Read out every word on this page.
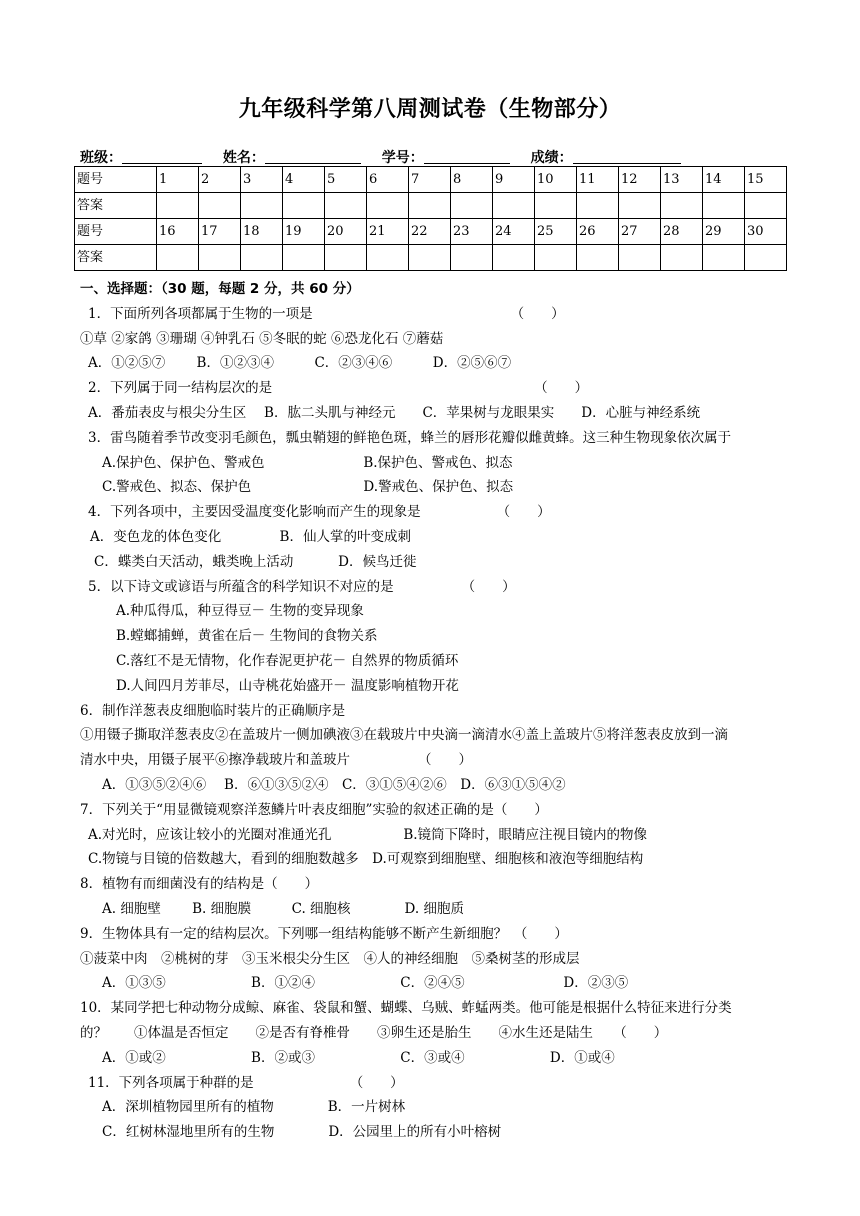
九年级科学第八周测试卷（生物部分）
班级：	姓名：	学号：	成绩：
题号	1	2	3	4	5	6	7	8	9	10	11	12	13	14	15
答案															
题号	16	17	18	19	20	21	22	23	24	25	26	27	28	29	30
答案															
一、选择题：（30 题，每题 2 分，共 60 分）
1．下面所列各项都属于生物的一项是	（　　）
①草 ②家鸽 ③珊瑚 ④钟乳石 ⑤冬眠的蛇 ⑥恐龙化石 ⑦蘑菇
A．①②⑤⑦　　 B．①②③④　　　C．②③④⑥　　　D．②⑤⑥⑦
2．下列属于同一结构层次的是	（　　）
A．番茄表皮与根尖分生区　 B．肱二头肌与神经元　　C．苹果树与龙眼果实　　D．心脏与神经系统
3．雷鸟随着季节改变羽毛颜色，瓢虫鞘翅的鲜艳色斑，蜂兰的唇形花瓣似雌黄蜂。这三种生物现象依次属于
A.保护色、保护色、警戒色　　　　　　　 B.保护色、警戒色、拟态
C.警戒色、拟态、保护色　　　　　　　　 D.警戒色、保护色、拟态
4．下列各项中，主要因受温度变化影响而产生的现象是	（　　）
A．变色龙的体色变化　　　　 B．仙人掌的叶变成刺
C．蝶类白天活动，蛾类晚上活动　　　 D．候鸟迁徙
5．以下诗文或谚语与所蕴含的科学知识不对应的是	（　　）
A.种瓜得瓜，种豆得豆－ 生物的变异现象
B.螳螂捕蝉，黄雀在后－ 生物间的食物关系
C.落红不是无情物，化作春泥更护花－ 自然界的物质循环
D.人间四月芳菲尽，山寺桃花始盛开－ 温度影响植物开花
6．制作洋葱表皮细胞临时装片的正确顺序是
①用镊子撕取洋葱表皮②在盖玻片一侧加碘液③在载玻片中央滴一滴清水④盖上盖玻片⑤将洋葱表皮放到一滴
清水中央，用镊子展平⑥擦净载玻片和盖玻片	（　　）
A．①③⑤②④⑥　 B．⑥①③⑤②④　C．③①⑤④②⑥　D．⑥③①⑤④②
7．下列关于“用显微镜观察洋葱鳞片叶表皮细胞”实验的叙述正确的是（　　）
A.对光时，应该让较小的光圈对准通光孔　　　　　 B.镜筒下降时，眼睛应注视目镜内的物像
C.物镜与目镜的倍数越大，看到的细胞数越多　D.可观察到细胞壁、细胞核和液泡等细胞结构
8．植物有而细菌没有的结构是（　　）
A. 细胞壁　　 B. 细胞膜　　　C. 细胞核　　　　D. 细胞质
9．生物体具有一定的结构层次。下列哪一组结构能够不断产生新细胞？　（　　）
①菠菜中肉　②桃树的芽　③玉米根尖分生区　④人的神经细胞　⑤桑树茎的形成层
A．①③⑤　　　　　　 B．①②④　　　　　　 C．②④⑤　　　　　　　 D．②③⑤
10．某同学把七种动物分成鲸、麻雀、袋鼠和蟹、蝴蝶、乌贼、蚱蜢两类。他可能是根据什么特征来进行分类
的？　　①体温是否恒定　　②是否有脊椎骨　　③卵生还是胎生　　④水生还是陆生　　（　　）
A．①或②　　　　　　 B．②或③　　　　　　 C．③或④　　　　　　 D．①或④
11．下列各项属于种群的是	（　　）
A．深圳植物园里所有的植物　　　　B．一片树林
C．红树林湿地里所有的生物　　　　D．公园里上的所有小叶榕树
